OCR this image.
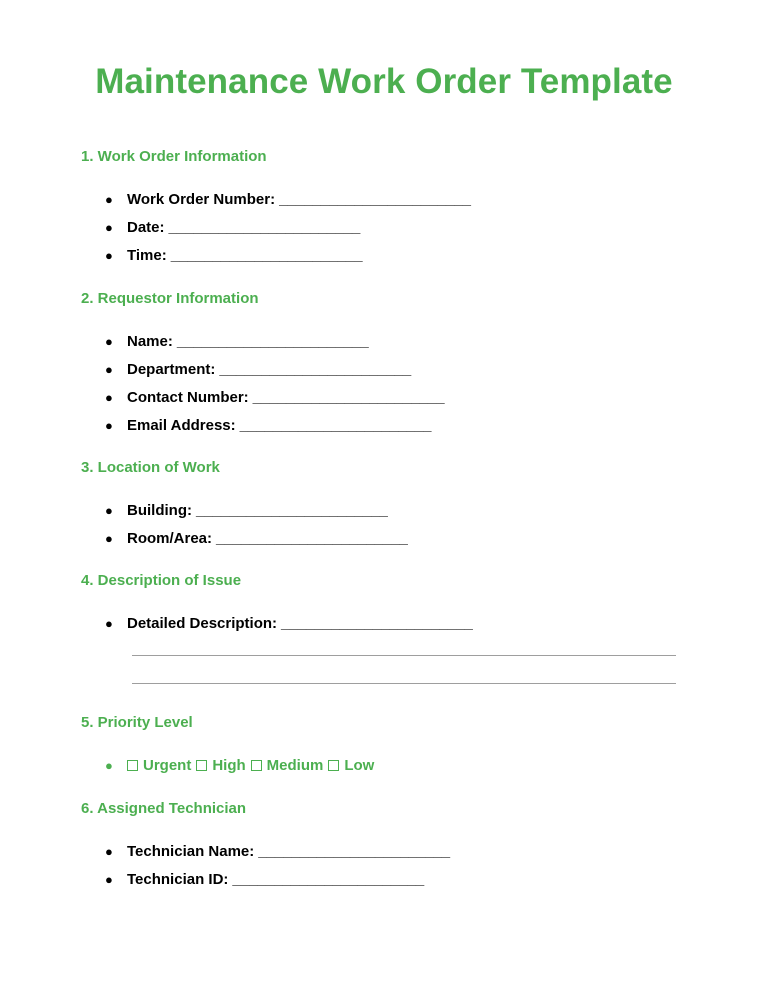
Maintenance Work Order Template
1. Work Order Information
● Work Order Number: _______________________
● Date: _______________________
● Time: _______________________
2. Requestor Information
● Name: _______________________
● Department: _______________________
● Contact Number: _______________________
● Email Address: _______________________
3. Location of Work
● Building: _______________________
● Room/Area: _______________________
4. Description of Issue
● Detailed Description: _______________________
5. Priority Level
●	Urgent	High	Medium	Low
6. Assigned Technician
● Technician Name: _______________________
● Technician ID: _______________________
